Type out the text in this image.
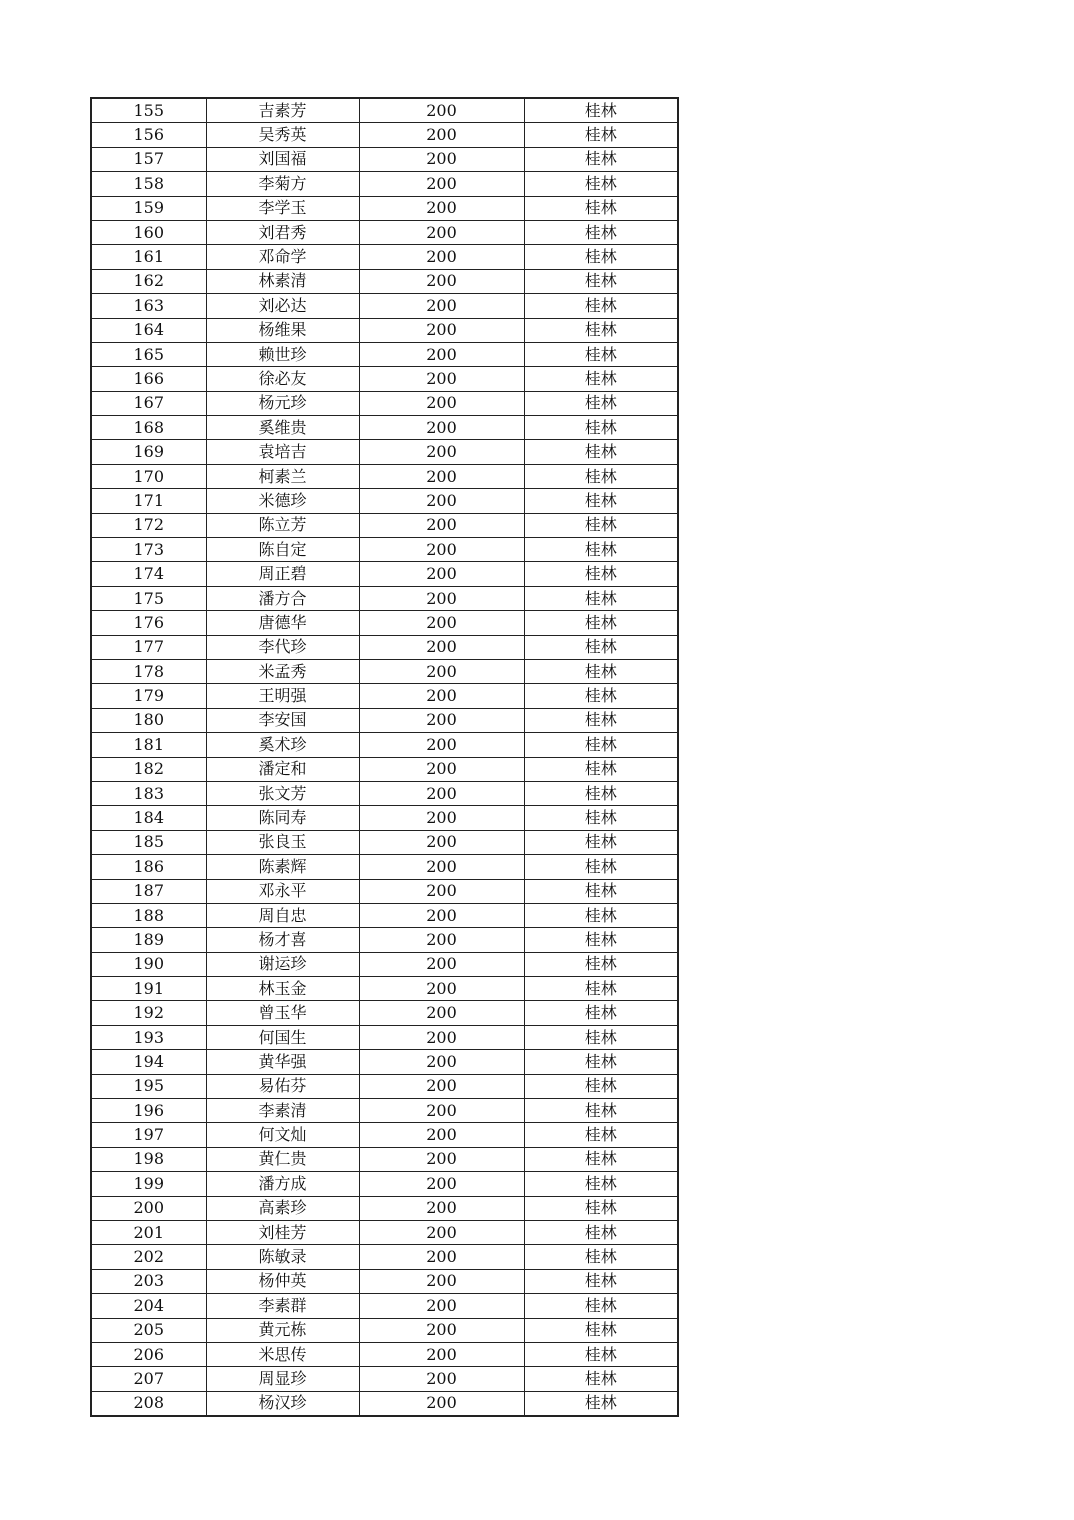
155	吉素芳	200	桂林
156	吴秀英	200	桂林
157	刘国福	200	桂林
158	李菊方	200	桂林
159	李学玉	200	桂林
160	刘君秀	200	桂林
161	邓命学	200	桂林
162	林素清	200	桂林
163	刘必达	200	桂林
164	杨维果	200	桂林
165	赖世珍	200	桂林
166	徐必友	200	桂林
167	杨元珍	200	桂林
168	奚维贵	200	桂林
169	袁培吉	200	桂林
170	柯素兰	200	桂林
171	米德珍	200	桂林
172	陈立芳	200	桂林
173	陈自定	200	桂林
174	周正碧	200	桂林
175	潘方合	200	桂林
176	唐德华	200	桂林
177	李代珍	200	桂林
178	米孟秀	200	桂林
179	王明强	200	桂林
180	李安国	200	桂林
181	奚术珍	200	桂林
182	潘定和	200	桂林
183	张文芳	200	桂林
184	陈同寿	200	桂林
185	张良玉	200	桂林
186	陈素辉	200	桂林
187	邓永平	200	桂林
188	周自忠	200	桂林
189	杨才喜	200	桂林
190	谢运珍	200	桂林
191	林玉金	200	桂林
192	曾玉华	200	桂林
193	何国生	200	桂林
194	黄华强	200	桂林
195	易佑芬	200	桂林
196	李素清	200	桂林
197	何文灿	200	桂林
198	黄仁贵	200	桂林
199	潘方成	200	桂林
200	高素珍	200	桂林
201	刘桂芳	200	桂林
202	陈敏录	200	桂林
203	杨仲英	200	桂林
204	李素群	200	桂林
205	黄元栋	200	桂林
206	米思传	200	桂林
207	周显珍	200	桂林
208	杨汉珍	200	桂林
